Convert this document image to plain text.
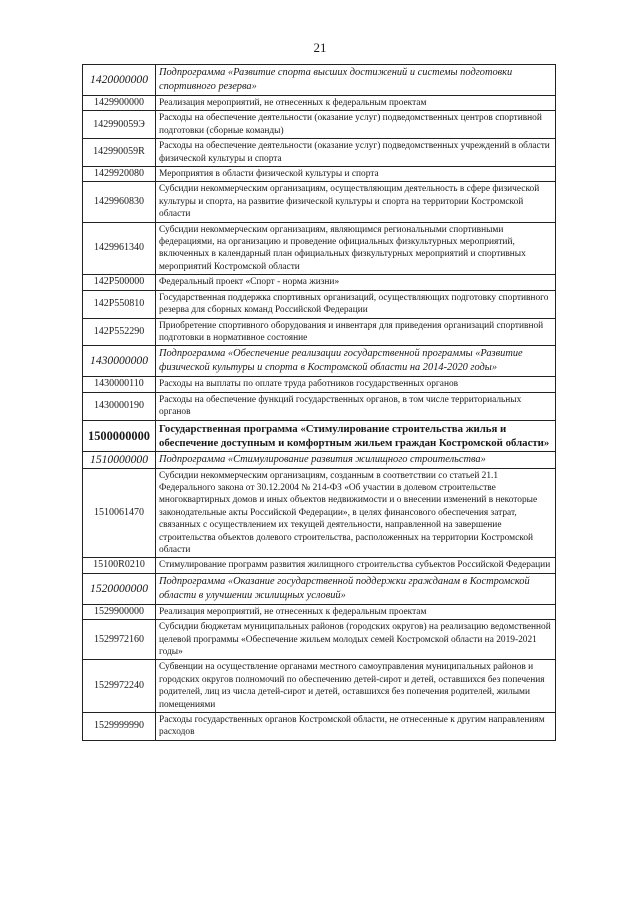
21
1420000000	Подпрограмма «Развитие спорта высших достижений и системы подготовки спортивного резерва»
1429900000	Реализация мероприятий, не отнесенных к федеральным проектам
142990059Э	Расходы на обеспечение деятельности (оказание услуг) подведомственных центров спортивной подготовки (сборные команды)
142990059R	Расходы на обеспечение деятельности (оказание услуг) подведомственных учреждений в области физической культуры и спорта
1429920080	Мероприятия в области физической культуры и спорта
1429960830	Субсидии некоммерческим организациям, осуществляющим деятельность в сфере физической культуры и спорта, на развитие физической культуры и спорта на территории Костромской области
1429961340	Субсидии некоммерческим организациям, являющимся региональными спортивными федерациями, на организацию и проведение официальных физкультурных мероприятий, включенных в календарный план официальных физкультурных мероприятий и спортивных мероприятий Костромской области
142P500000	Федеральный проект «Спорт - норма жизни»
142P550810	Государственная поддержка спортивных организаций, осуществляющих подготовку спортивного резерва для сборных команд Российской Федерации
142P552290	Приобретение спортивного оборудования и инвентаря для приведения организаций спортивной подготовки в нормативное состояние
1430000000	Подпрограмма «Обеспечение реализации государственной программы «Развитие физической культуры и спорта в Костромской области на 2014-2020 годы»
1430000110	Расходы на выплаты по оплате труда работников государственных органов
1430000190	Расходы на обеспечение функций государственных органов, в том числе территориальных органов
1500000000	Государственная программа «Стимулирование строительства жилья и обеспечение доступным и комфортным жильем граждан Костромской области»
1510000000	Подпрограмма «Стимулирование развития жилищного строительства»
1510061470	Субсидии некоммерческим организациям, созданным в соответствии со статьей 21.1 Федерального закона от 30.12.2004 № 214-ФЗ «Об участии в долевом строительстве многоквартирных домов и иных объектов недвижимости и о внесении изменений в некоторые законодательные акты Российской Федерации», в целях финансового обеспечения затрат, связанных с осуществлением их текущей деятельности, направленной на завершение строительства объектов долевого строительства, расположенных на территории Костромской области
15100R0210	Стимулирование программ развития жилищного строительства субъектов Российской Федерации
1520000000	Подпрограмма «Оказание государственной поддержки гражданам в Костромской области в улучшении жилищных условий»
1529900000	Реализация мероприятий, не отнесенных к федеральным проектам
1529972160	Субсидии бюджетам муниципальных районов (городских округов) на реализацию ведомственной целевой программы «Обеспечение жильем молодых семей Костромской области на 2019-2021 годы»
1529972240	Субвенции на осуществление органами местного самоуправления муниципальных районов и городских округов полномочий по обеспечению детей-сирот и детей, оставшихся без попечения родителей, лиц из числа детей-сирот и детей, оставшихся без попечения родителей, жилыми помещениями
1529999990	Расходы государственных органов Костромской области, не отнесенные к другим направлениям расходов
